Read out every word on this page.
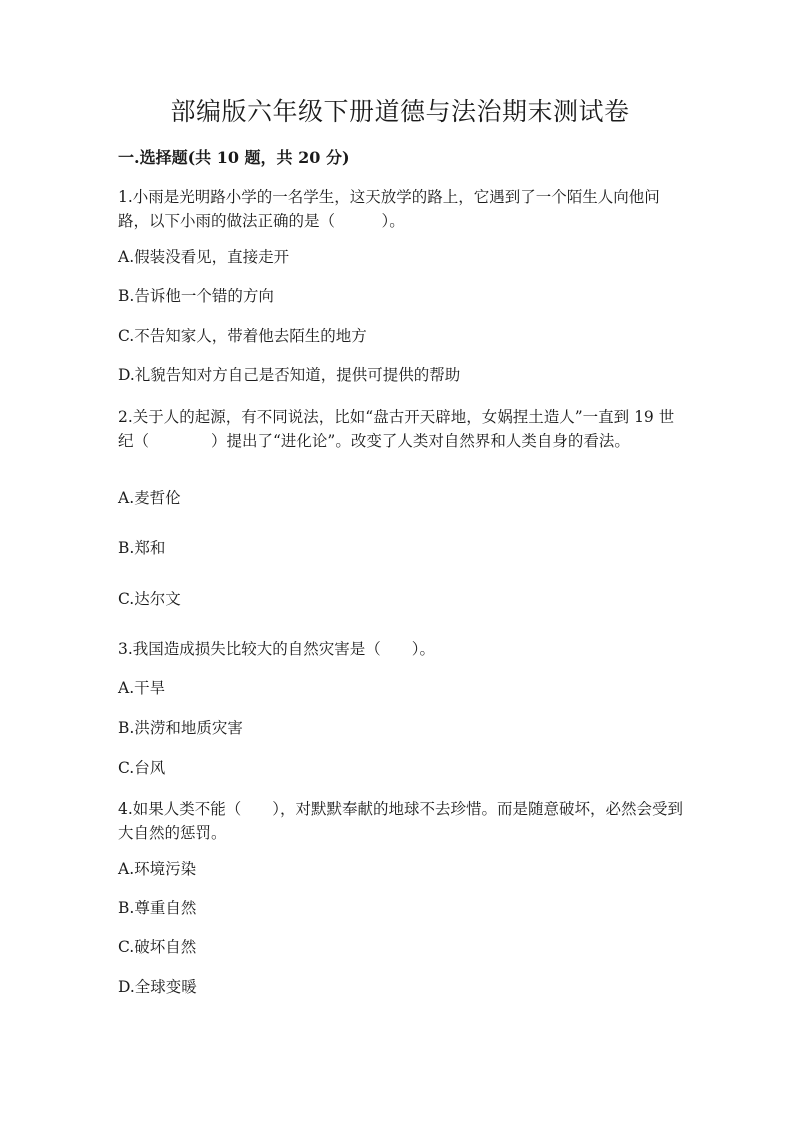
部编版六年级下册道德与法治期末测试卷
一.选择题(共 10 题，共 20 分)

1.小雨是光明路小学的一名学生，这天放学的路上，它遇到了一个陌生人向他问路，以下小雨的做法正确的是（　　　）。

A.假装没看见，直接走开

B.告诉他一个错的方向

C.不告知家人，带着他去陌生的地方

D.礼貌告知对方自己是否知道，提供可提供的帮助

2.关于人的起源，有不同说法，比如“盘古开天辟地，女娲捏土造人”一直到 19 世纪（　　　　）提出了“进化论”。改变了人类对自然界和人类自身的看法。

A.麦哲伦

B.郑和

C.达尔文

3.我国造成损失比较大的自然灾害是（　　）。

A.干旱

B.洪涝和地质灾害

C.台风

4.如果人类不能（　　），对默默奉献的地球不去珍惜。而是随意破坏，必然会受到大自然的惩罚。

A.环境污染

B.尊重自然

C.破坏自然

D.全球变暖
